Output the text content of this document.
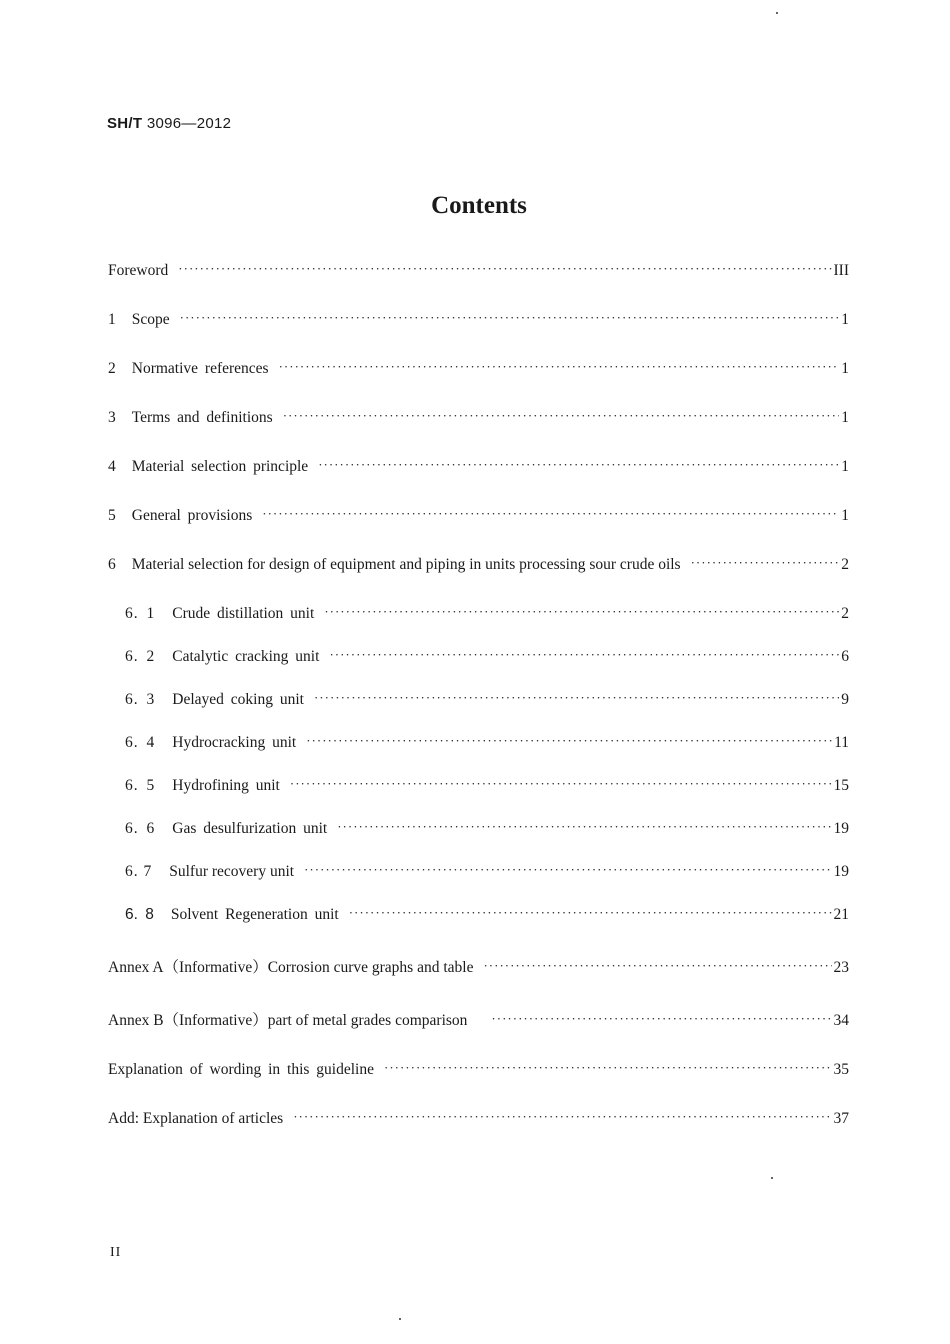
SH/T 3096—2012
Contents
Foreword ·····	III
1 Scope ·····	1
2 Normative references ·····	1
3 Terms and definitions ·····	1
4 Material selection principle ·····	1
5 General provisions ·····	1
6 Material selection for design of equipment and piping in units processing sour crude oils ·····	2
6. 1 Crude distillation unit ·····	2
6. 2 Catalytic cracking unit ·····	6
6. 3 Delayed coking unit ·····	9
6. 4 Hydrocracking unit ·····	11
6. 5 Hydrofining unit ·····	15
6. 6 Gas desulfurization unit ·····	19
6. 7 Sulfur recovery unit ·····	19
6. 8 Solvent Regeneration unit ·····	21
Annex A（Informative）Corrosion curve graphs and table ·····	23
Annex B（Informative）part of metal grades comparison ·····	34
Explanation of wording in this guideline ·····	35
Add: Explanation of articles ·····	37
II
